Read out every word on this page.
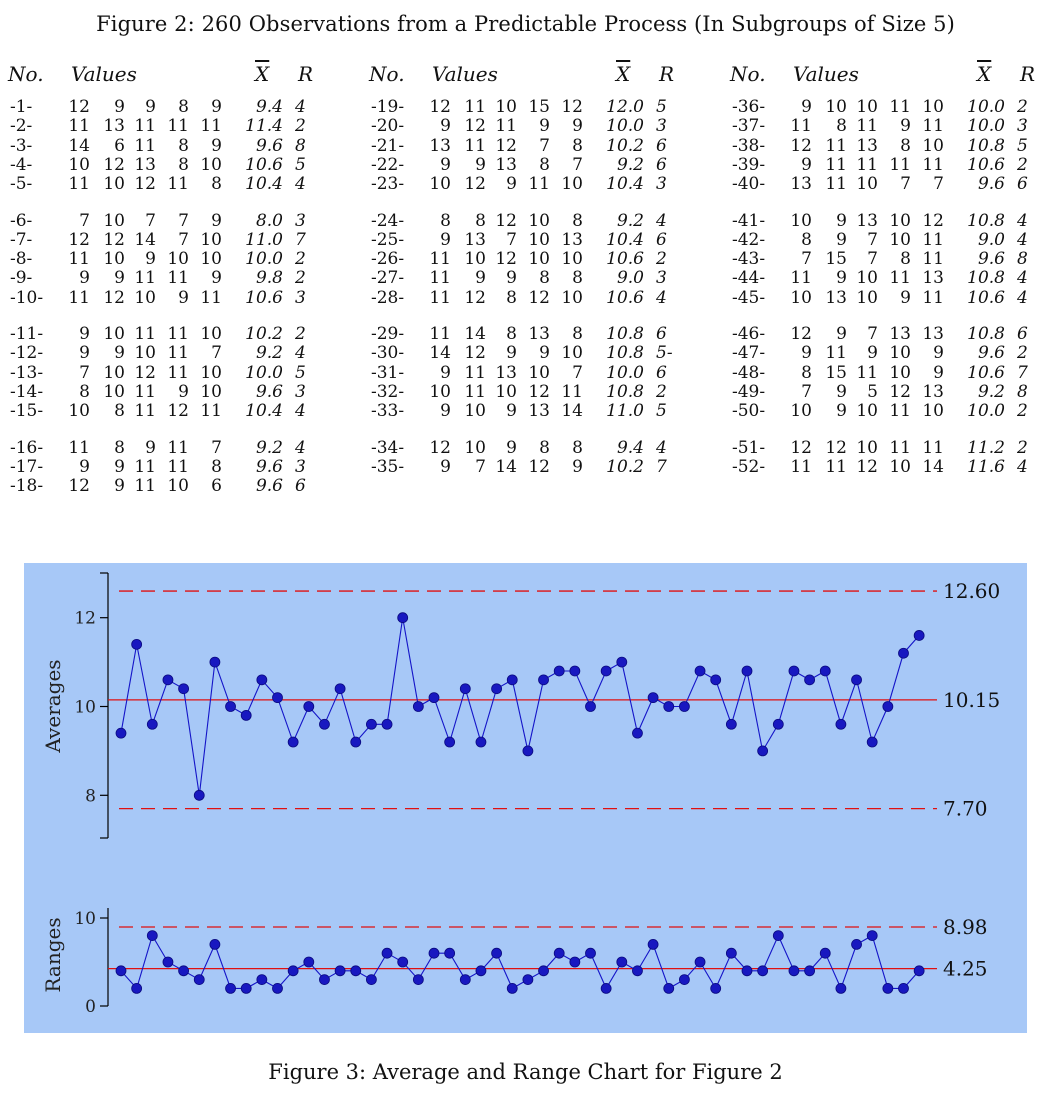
Figure 2: 260 Observations from a Predictable Process (In Subgroups of Size 5)
No. Values	$\overline{X}$ R
-1- 12	9	9	8	9	9.4 4
-2- 11 13 11 11 11	11.4 2
-3- 14	6 11	8	9	9.6 8
-4- 10 12 13	8 10	10.6 5
-5- 11 10 12 11	8	10.4 4
-6-	7 10	7	7	9	8.0 3
-7- 12 12 14	7 10	11.0 7
-8- 11 10	9 10 10	10.0 2
-9-	9	9 11 11	9	9.8 2
-10- 11 12 10	9 11	10.6 3
-11-	9 10 11 11 10	10.2 2
-12-	9	9 10 11	7	9.2 4
-13-	7 10 12 11 10	10.0 5
-14-	8 10 11	9 10	9.6 3
-15- 10	8 11 12 11	10.4 4
-16- 11	8	9 11	7	9.2 4
-17-	9	9 11 11	8	9.6 3
-18- 12	9 11 10	6	9.6 6
No. Values	$\overline{X}$ R
-19- 12 11 10 15 12	12.0 5
-20-	9 12 11	9	9	10.0 3
-21- 13 11 12	7	8	10.2 6
-22-	9	9 13	8	7	9.2 6
-23- 10 12	9 11 10	10.4 3
-24-	8	8 12 10	8	9.2 4
-25-	9 13	7 10 13	10.4 6
-26- 11 10 12 10 10	10.6 2
-27- 11	9	9	8	8	9.0 3
-28- 11 12	8 12 10	10.6 4
-29- 11 14	8 13	8	10.8 6
-30- 14 12	9	9 10	10.8 5-
-31-	9 11 13 10	7	10.0 6
-32- 10 11 10 12 11	10.8 2
-33-	9 10	9 13 14	11.0 5
-34- 12 10	9	8	8	9.4 4
-35-	9	7 14 12	9	10.2 7
No. Values	$\overline{X}$ R
-36-	9 10 10 11 10	10.0 2
-37- 11	8 11	9 11	10.0 3
-38- 12 11 13	8 10	10.8 5
-39-	9 11 11 11 11	10.6 2
-40- 13 11 10	7	7	9.6 6
-41- 10	9 13 10 12	10.8 4
-42-	8	9	7 10 11	9.0 4
-43-	7 15	7	8 11	9.6 8
-44- 11	9 10 11 13	10.8 4
-45- 10 13 10	9 11	10.6 4
-46- 12	9	7 13 13	10.8 6
-47-	9 11	9 10	9	9.6 2
-48-	8 15 11 10	9	10.6 7
-49-	7	9	5 12 13	9.2 8
-50- 10	9 10 11 10	10.0 2
-51- 12 12 10 11 11	11.2 2
-52- 11 11 12 10 14	11.6 4
8
10
12
Averages
12.60
10.15
7.70
0
10
Ranges	8.98
4.25
Figure 3: Average and Range Chart for Figure 2
